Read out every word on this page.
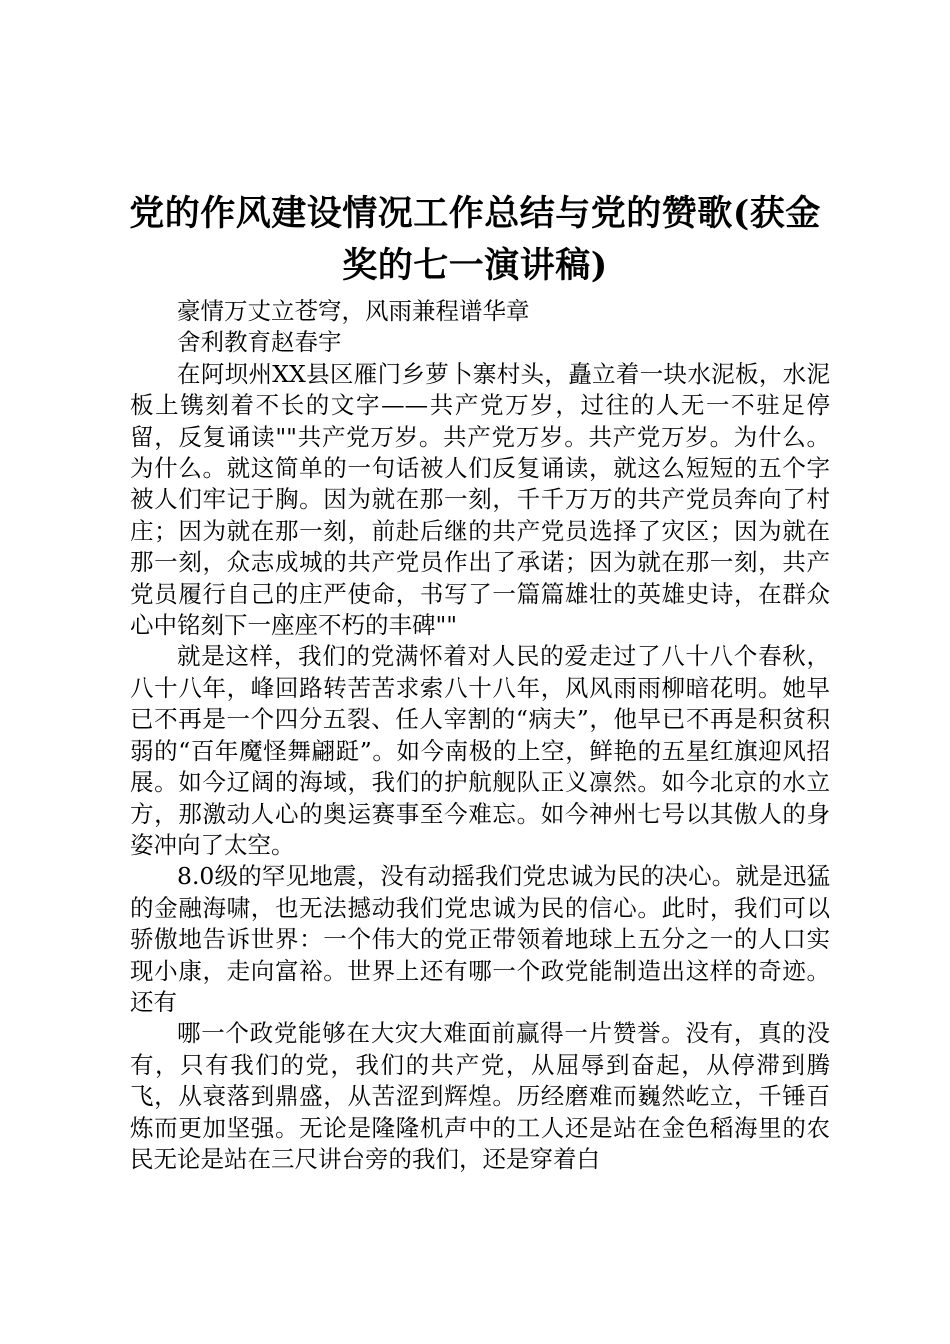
党的作风建设情况工作总结与党的赞歌(获金奖的七一演讲稿)

豪情万丈立苍穹，风雨兼程谱华章

舍利教育赵春宇

在阿坝州XX县区雁门乡萝卜寨村头，矗立着一块水泥板，水泥板上镌刻着不长的文字——共产党万岁，过往的人无一不驻足停留，反复诵读""共产党万岁。共产党万岁。共产党万岁。为什么。为什么。就这简单的一句话被人们反复诵读，就这么短短的五个字被人们牢记于胸。因为就在那一刻，千千万万的共产党员奔向了村庄；因为就在那一刻，前赴后继的共产党员选择了灾区；因为就在那一刻，众志成城的共产党员作出了承诺；因为就在那一刻，共产党员履行自己的庄严使命，书写了一篇篇雄壮的英雄史诗，在群众心中铭刻下一座座不朽的丰碑""

就是这样，我们的党满怀着对人民的爱走过了八十八个春秋，八十八年，峰回路转苦苦求索八十八年，风风雨雨柳暗花明。她早已不再是一个四分五裂、任人宰割的“病夫”，他早已不再是积贫积弱的“百年魔怪舞翩跹”。如今南极的上空，鲜艳的五星红旗迎风招展。如今辽阔的海域，我们的护航舰队正义凛然。如今北京的水立方，那激动人心的奥运赛事至今难忘。如今神州七号以其傲人的身姿冲向了太空。

8.0级的罕见地震，没有动摇我们党忠诚为民的决心。就是迅猛的金融海啸，也无法撼动我们党忠诚为民的信心。此时，我们可以骄傲地告诉世界：一个伟大的党正带领着地球上五分之一的人口实现小康，走向富裕。世界上还有哪一个政党能制造出这样的奇迹。还有

哪一个政党能够在大灾大难面前赢得一片赞誉。没有，真的没有，只有我们的党，我们的共产党，从屈辱到奋起，从停滞到腾飞，从衰落到鼎盛，从苦涩到辉煌。历经磨难而巍然屹立，千锤百炼而更加坚强。无论是隆隆机声中的工人还是站在金色稻海里的农民无论是站在三尺讲台旁的我们，还是穿着白
